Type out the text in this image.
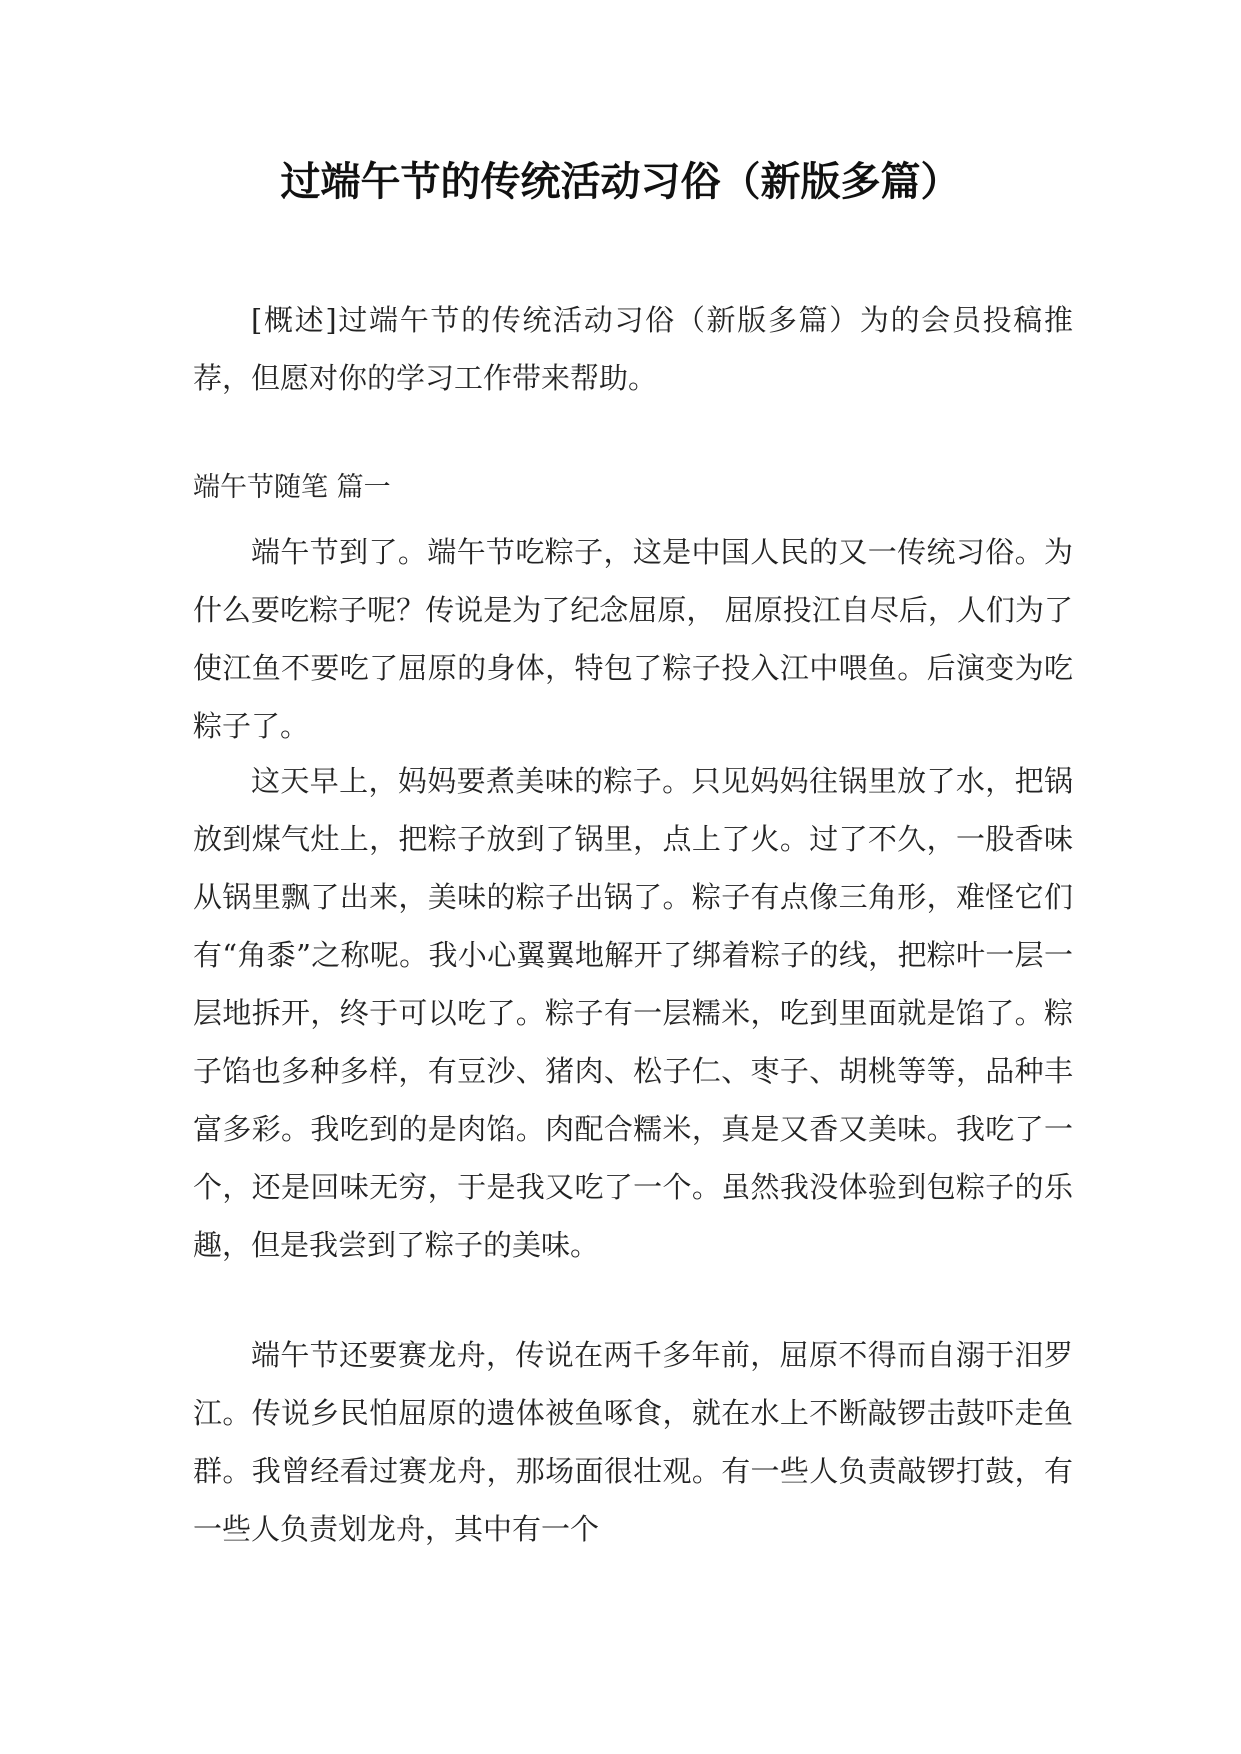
过端午节的传统活动习俗（新版多篇）

[概述]过端午节的传统活动习俗（新版多篇）为的会员投稿推荐，但愿对你的学习工作带来帮助。

端午节随笔 篇一

端午节到了。端午节吃粽子，这是中国人民的又一传统习俗。为什么要吃粽子呢？传说是为了纪念屈原， 屈原投江自尽后，人们为了使江鱼不要吃了屈原的身体，特包了粽子投入江中喂鱼。后演变为吃粽子了。

这天早上，妈妈要煮美味的粽子。只见妈妈往锅里放了水，把锅放到煤气灶上，把粽子放到了锅里，点上了火。过了不久，一股香味从锅里飘了出来，美味的粽子出锅了。粽子有点像三角形，难怪它们有“角黍”之称呢。我小心翼翼地解开了绑着粽子的线，把粽叶一层一层地拆开，终于可以吃了。粽子有一层糯米，吃到里面就是馅了。粽子馅也多种多样，有豆沙、猪肉、松子仁、枣子、胡桃等等，品种丰富多彩。我吃到的是肉馅。肉配合糯米，真是又香又美味。我吃了一个，还是回味无穷，于是我又吃了一个。虽然我没体验到包粽子的乐趣，但是我尝到了粽子的美味。

端午节还要赛龙舟，传说在两千多年前，屈原不得而自溺于汨罗江。传说乡民怕屈原的遗体被鱼啄食，就在水上不断敲锣击鼓吓走鱼群。我曾经看过赛龙舟，那场面很壮观。有一些人负责敲锣打鼓，有一些人负责划龙舟，其中有一个
